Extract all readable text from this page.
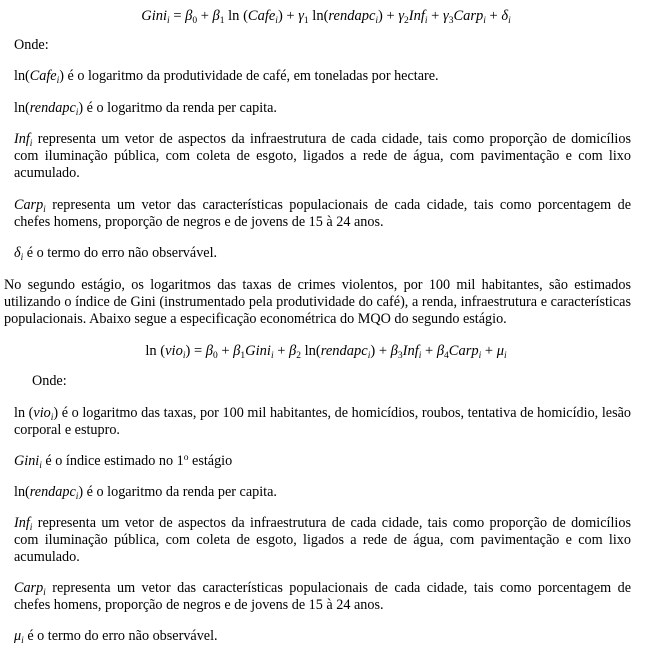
Gini$_i$ = $\beta_0 + \beta_1$ ln (Cafe$_i$) + $\gamma_1$ ln(rendapc$_i$) + $\gamma_2Inf_i$ + $\gamma_3Carp_i + \delta_i$
Onde:
ln(Cafe$_i$) é o logaritmo da produtividade de café, em toneladas por hectare.
ln(rendapc$_i$) é o logaritmo da renda per capita.
Inf$_i$ representa um vetor de aspectos da infraestrutura de cada cidade, tais como proporção de domicílios com iluminação pública, com coleta de esgoto, ligados a rede de água, com pavimentação e com lixo acumulado.
Carp$_i$ representa um vetor das características populacionais de cada cidade, tais como porcentagem de chefes homens, proporção de negros e de jovens de 15 à 24 anos.
$\delta_i$ é o termo do erro não observável.
No segundo estágio, os logaritmos das taxas de crimes violentos, por 100 mil habitantes, são estimados utilizando o índice de Gini (instrumentado pela produtividade do café), a renda, infraestrutura e características populacionais. Abaixo segue a especificação econométrica do MQO do segundo estágio.
$\ln (vio_i) = \beta_0$ + $\beta_1Gini_i + \beta_2$ ln(rendapc$_i$) + $\beta_3Inf_i$ + $\beta_4Carp_i + \mu_i$
Onde:
ln (vio$_i$) é o logaritmo das taxas, por 100 mil habitantes, de homicídios, roubos, tentativa de homicídio, lesão corporal e estupro.
Gini$_i$ é o índice estimado no 1$^o$ estágio
ln(rendapc$_i$) é o logaritmo da renda per capita.
Inf$_i$ representa um vetor de aspectos da infraestrutura de cada cidade, tais como proporção de domicílios com iluminação pública, com coleta de esgoto, ligados a rede de água, com pavimentação e com lixo acumulado.
Carp$_i$ representa um vetor das características populacionais de cada cidade, tais como porcentagem de chefes homens, proporção de negros e de jovens de 15 à 24 anos.
$\mu_i$ é o termo do erro não observável.
